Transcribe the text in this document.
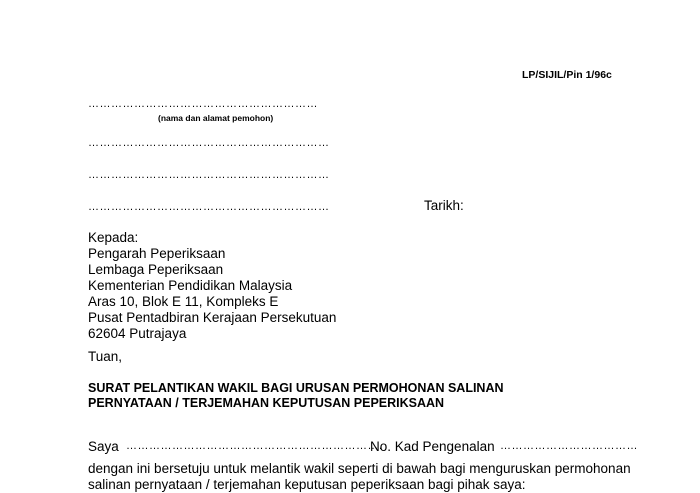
LP/SIJIL/Pin 1/96c
……………………………………………………
(nama dan alamat pemohon)
………………………………………………………
………………………………………………………
………………………………………………………	Tarikh:
Kepada:
Pengarah Peperiksaan
Lembaga Peperiksaan
Kementerian Pendidikan Malaysia
Aras 10, Blok E 11, Kompleks E
Pusat Pentadbiran Kerajaan Persekutuan
62604 Putrajaya
Tuan,
SURAT PELANTIKAN WAKIL BAGI URUSAN PERMOHONAN SALINAN
PERNYATAAN / TERJEMAHAN KEPUTUSAN PEPERIKSAAN
Saya ………………………………………………………….
No. Kad Pengenalan ………………………………
dengan ini bersetuju untuk melantik wakil seperti di bawah bagi menguruskan permohonan
salinan pernyataan / terjemahan keputusan peperiksaan bagi pihak saya:
